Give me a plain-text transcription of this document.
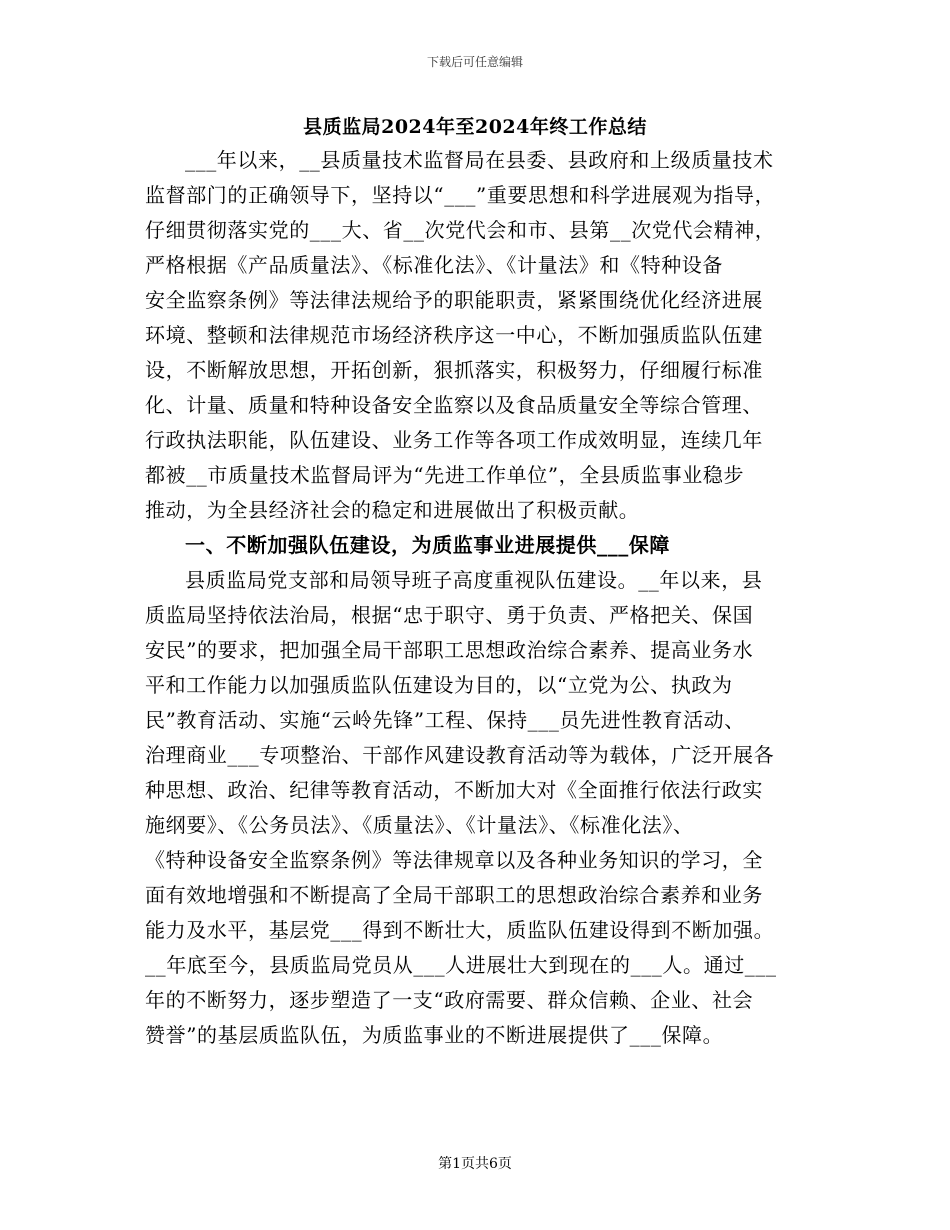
下载后可任意编辑
县质监局2024年至2024年终工作总结
___年以来，__县质量技术监督局在县委、县政府和上级质量技术
监督部门的正确领导下，坚持以“___”重要思想和科学进展观为指导，
仔细贯彻落实党的___大、省__次党代会和市、县第__次党代会精神，
严格根据《产品质量法》、《标准化法》、《计量法》和《特种设备
安全监察条例》等法律法规给予的职能职责，紧紧围绕优化经济进展
环境、整顿和法律规范市场经济秩序这一中心，不断加强质监队伍建
设，不断解放思想，开拓创新，狠抓落实，积极努力，仔细履行标准
化、计量、质量和特种设备安全监察以及食品质量安全等综合管理、
行政执法职能，队伍建设、业务工作等各项工作成效明显，连续几年
都被__市质量技术监督局评为“先进工作单位”，全县质监事业稳步
推动，为全县经济社会的稳定和进展做出了积极贡献。
一、不断加强队伍建设，为质监事业进展提供___保障
县质监局党支部和局领导班子高度重视队伍建设。__年以来，县
质监局坚持依法治局，根据“忠于职守、勇于负责、严格把关、保国
安民”的要求，把加强全局干部职工思想政治综合素养、提高业务水
平和工作能力以加强质监队伍建设为目的，以“立党为公、执政为
民”教育活动、实施“云岭先锋”工程、保持___员先进性教育活动、
治理商业___专项整治、干部作风建设教育活动等为载体，广泛开展各
种思想、政治、纪律等教育活动，不断加大对《全面推行依法行政实
施纲要》、《公务员法》、《质量法》、《计量法》、《标准化法》、
《特种设备安全监察条例》等法律规章以及各种业务知识的学习，全
面有效地增强和不断提高了全局干部职工的思想政治综合素养和业务
能力及水平，基层党___得到不断壮大，质监队伍建设得到不断加强。
__年底至今，县质监局党员从___人进展壮大到现在的___人。通过___
年的不断努力，逐步塑造了一支“政府需要、群众信赖、企业、社会
赞誉”的基层质监队伍，为质监事业的不断进展提供了___保障。
第1页共6页
